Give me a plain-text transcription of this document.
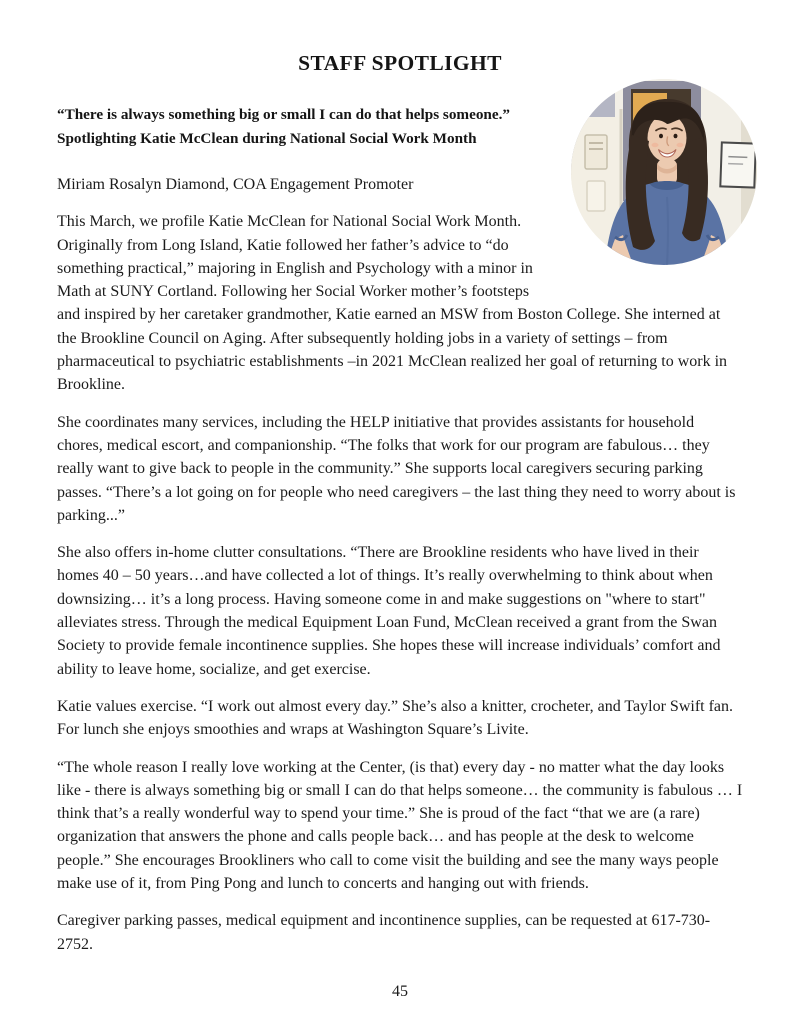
STAFF SPOTLIGHT

“There is always something big or small I can do that helps someone.”
Spotlighting Katie McClean during National Social Work Month

Miriam Rosalyn Diamond, COA Engagement Promoter

This March, we profile Katie McClean for National Social Work Month. Originally from Long Island, Katie followed her father’s advice to “do something practical,” majoring in English and Psychology with a minor in Math at SUNY Cortland. Following her Social Worker mother’s footsteps and inspired by her caretaker grandmother, Katie earned an MSW from Boston College. She interned at the Brookline Council on Aging. After subsequently holding jobs in a variety of settings – from pharmaceutical to psychiatric establishments –in 2021 McClean realized her goal of returning to work in Brookline.

She coordinates many services, including the HELP initiative that provides assistants for household chores, medical escort, and companionship. “The folks that work for our program are fabulous… they really want to give back to people in the community.” She supports local caregivers securing parking passes. “There’s a lot going on for people who need caregivers – the last thing they need to worry about is parking...”

She also offers in-home clutter consultations. “There are Brookline residents who have lived in their homes 40 – 50 years…and have collected a lot of things. It’s really overwhelming to think about when downsizing… it’s a long process. Having someone come in and make suggestions on "where to start" alleviates stress. Through the medical Equipment Loan Fund, McClean received a grant from the Swan Society to provide female incontinence supplies. She hopes these will increase individuals’ comfort and ability to leave home, socialize, and get exercise.

Katie values exercise. “I work out almost every day.” She’s also a knitter, crocheter, and Taylor Swift fan. For lunch she enjoys smoothies and wraps at Washington Square’s Livite.

“The whole reason I really love working at the Center, (is that) every day - no matter what the day looks like - there is always something big or small I can do that helps someone… the community is fabulous … I think that’s a really wonderful way to spend your time.” She is proud of the fact “that we are (a rare) organization that answers the phone and calls people back… and has people at the desk to welcome people.” She encourages Brookliners who call to come visit the building and see the many ways people make use of it, from Ping Pong and lunch to concerts and hanging out with friends.

Caregiver parking passes, medical equipment and incontinence supplies, can be requested at 617-730-2752.

45
